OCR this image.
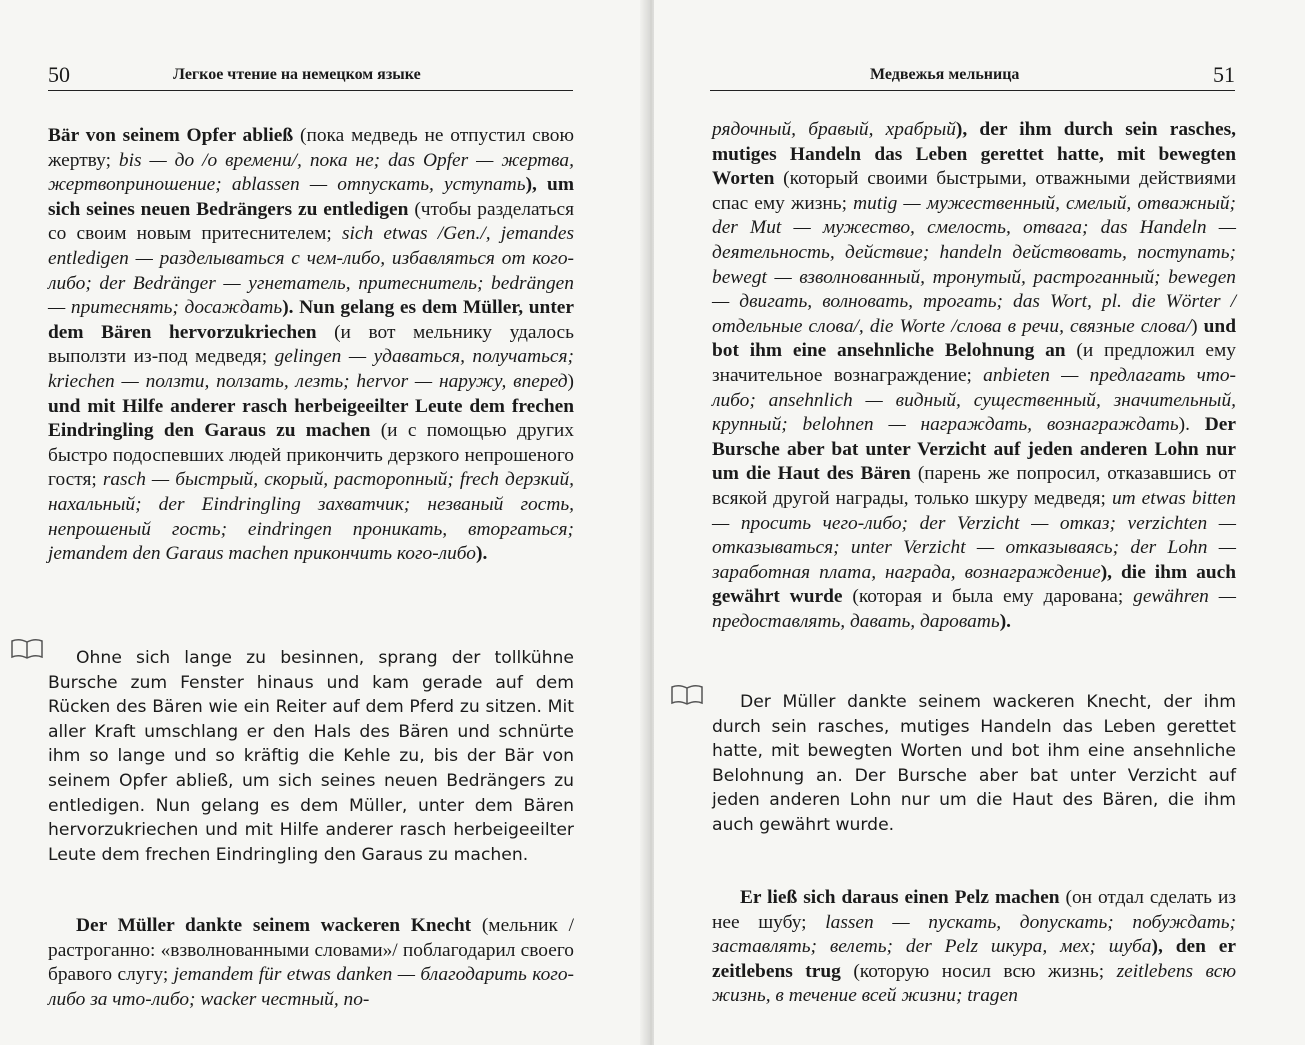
50	Легкое чтение на немецком языке

Bär von seinem Opfer abließ (пока медведь не отпустил свою жертву; bis — до /о времени/, пока не; das Opfer — жертва, жертвоприношение; ablassen — отпускать, уступать), um sich seines neuen Bedrängers zu entledigen (чтобы разделаться со своим новым притеснителем; sich etwas /Gen./, jemandes entledigen — разделываться с чем-либо, избавляться от кого-либо; der Bedränger — угнетатель, притеснитель; bedrängen — притеснять; досаждать). Nun gelang es dem Müller, unter dem Bären hervorzukriechen (и вот мельнику удалось выползти из-под медведя; gelingen — удаваться, получаться; kriechen — ползти, ползать, лезть; hervor — наружу, вперед) und mit Hilfe anderer rasch herbeigeeilter Leute dem frechen Eindringling den Garaus zu machen (и с помощью других быстро подоспевших людей прикончить дерзкого непрошеного гостя; rasch — быстрый, скорый, расторопный; frech дерзкий, нахальный; der Eindringling захватчик; незваный гость, непрошеный гость; eindringen проникать, вторгаться; jemandem den Garaus machen прикончить кого-либо).

Ohne sich lange zu besinnen, sprang der tollkühne Bursche zum Fenster hinaus und kam gerade auf dem Rücken des Bären wie ein Reiter auf dem Pferd zu sitzen. Mit aller Kraft umschlang er den Hals des Bären und schnürte ihm so lange und so kräftig die Kehle zu, bis der Bär von seinem Opfer abließ, um sich seines neuen Bedrängers zu entledigen. Nun gelang es dem Müller, unter dem Bären hervorzukriechen und mit Hilfe anderer rasch herbeigeeilter Leute dem frechen Eindringling den Garaus zu machen.

Der Müller dankte seinem wackeren Knecht (мельник /растроганно: «взволнованными словами»/ поблагодарил своего бравого слугу; jemandem für etwas danken — благодарить кого-либо за что-либо; wacker честный, по-

Медвежья мельница	51

рядочный, бравый, храбрый), der ihm durch sein rasches, mutiges Handeln das Leben gerettet hatte, mit bewegten Worten (который своими быстрыми, отважными действиями спас ему жизнь; mutig — мужественный, смелый, отважный; der Mut — мужество, смелость, отвага; das Handeln — деятельность, действие; handeln действовать, поступать; bewegt — взволнованный, тронутый, растроганный; bewegen — двигать, волновать, трогать; das Wort, pl. die Wörter /отдельные слова/, die Worte /слова в речи, связные слова/) und bot ihm eine ansehnliche Belohnung an (и предложил ему значительное вознаграждение; anbieten — предлагать что-либо; ansehnlich — видный, существенный, значительный, крупный; belohnen — награждать, вознаграждать). Der Bursche aber bat unter Verzicht auf jeden anderen Lohn nur um die Haut des Bären (парень же попросил, отказавшись от всякой другой награды, только шкуру медведя; um etwas bitten — просить чего-либо; der Verzicht — отказ; verzichten — отказываться; unter Verzicht — отказываясь; der Lohn — заработная плата, награда, вознаграждение), die ihm auch gewährt wurde (которая и была ему дарована; gewähren — предоставлять, давать, даровать).

Der Müller dankte seinem wackeren Knecht, der ihm durch sein rasches, mutiges Handeln das Leben gerettet hatte, mit bewegten Worten und bot ihm eine ansehnliche Belohnung an. Der Bursche aber bat unter Verzicht auf jeden anderen Lohn nur um die Haut des Bären, die ihm auch gewährt wurde.

Er ließ sich daraus einen Pelz machen (он отдал сделать из нее шубу; lassen — пускать, допускать; побуждать; заставлять; велеть; der Pelz шкура, мех; шуба), den er zeitlebens trug (которую носил всю жизнь; zeitlebens всю жизнь, в течение всей жизни; tragen
